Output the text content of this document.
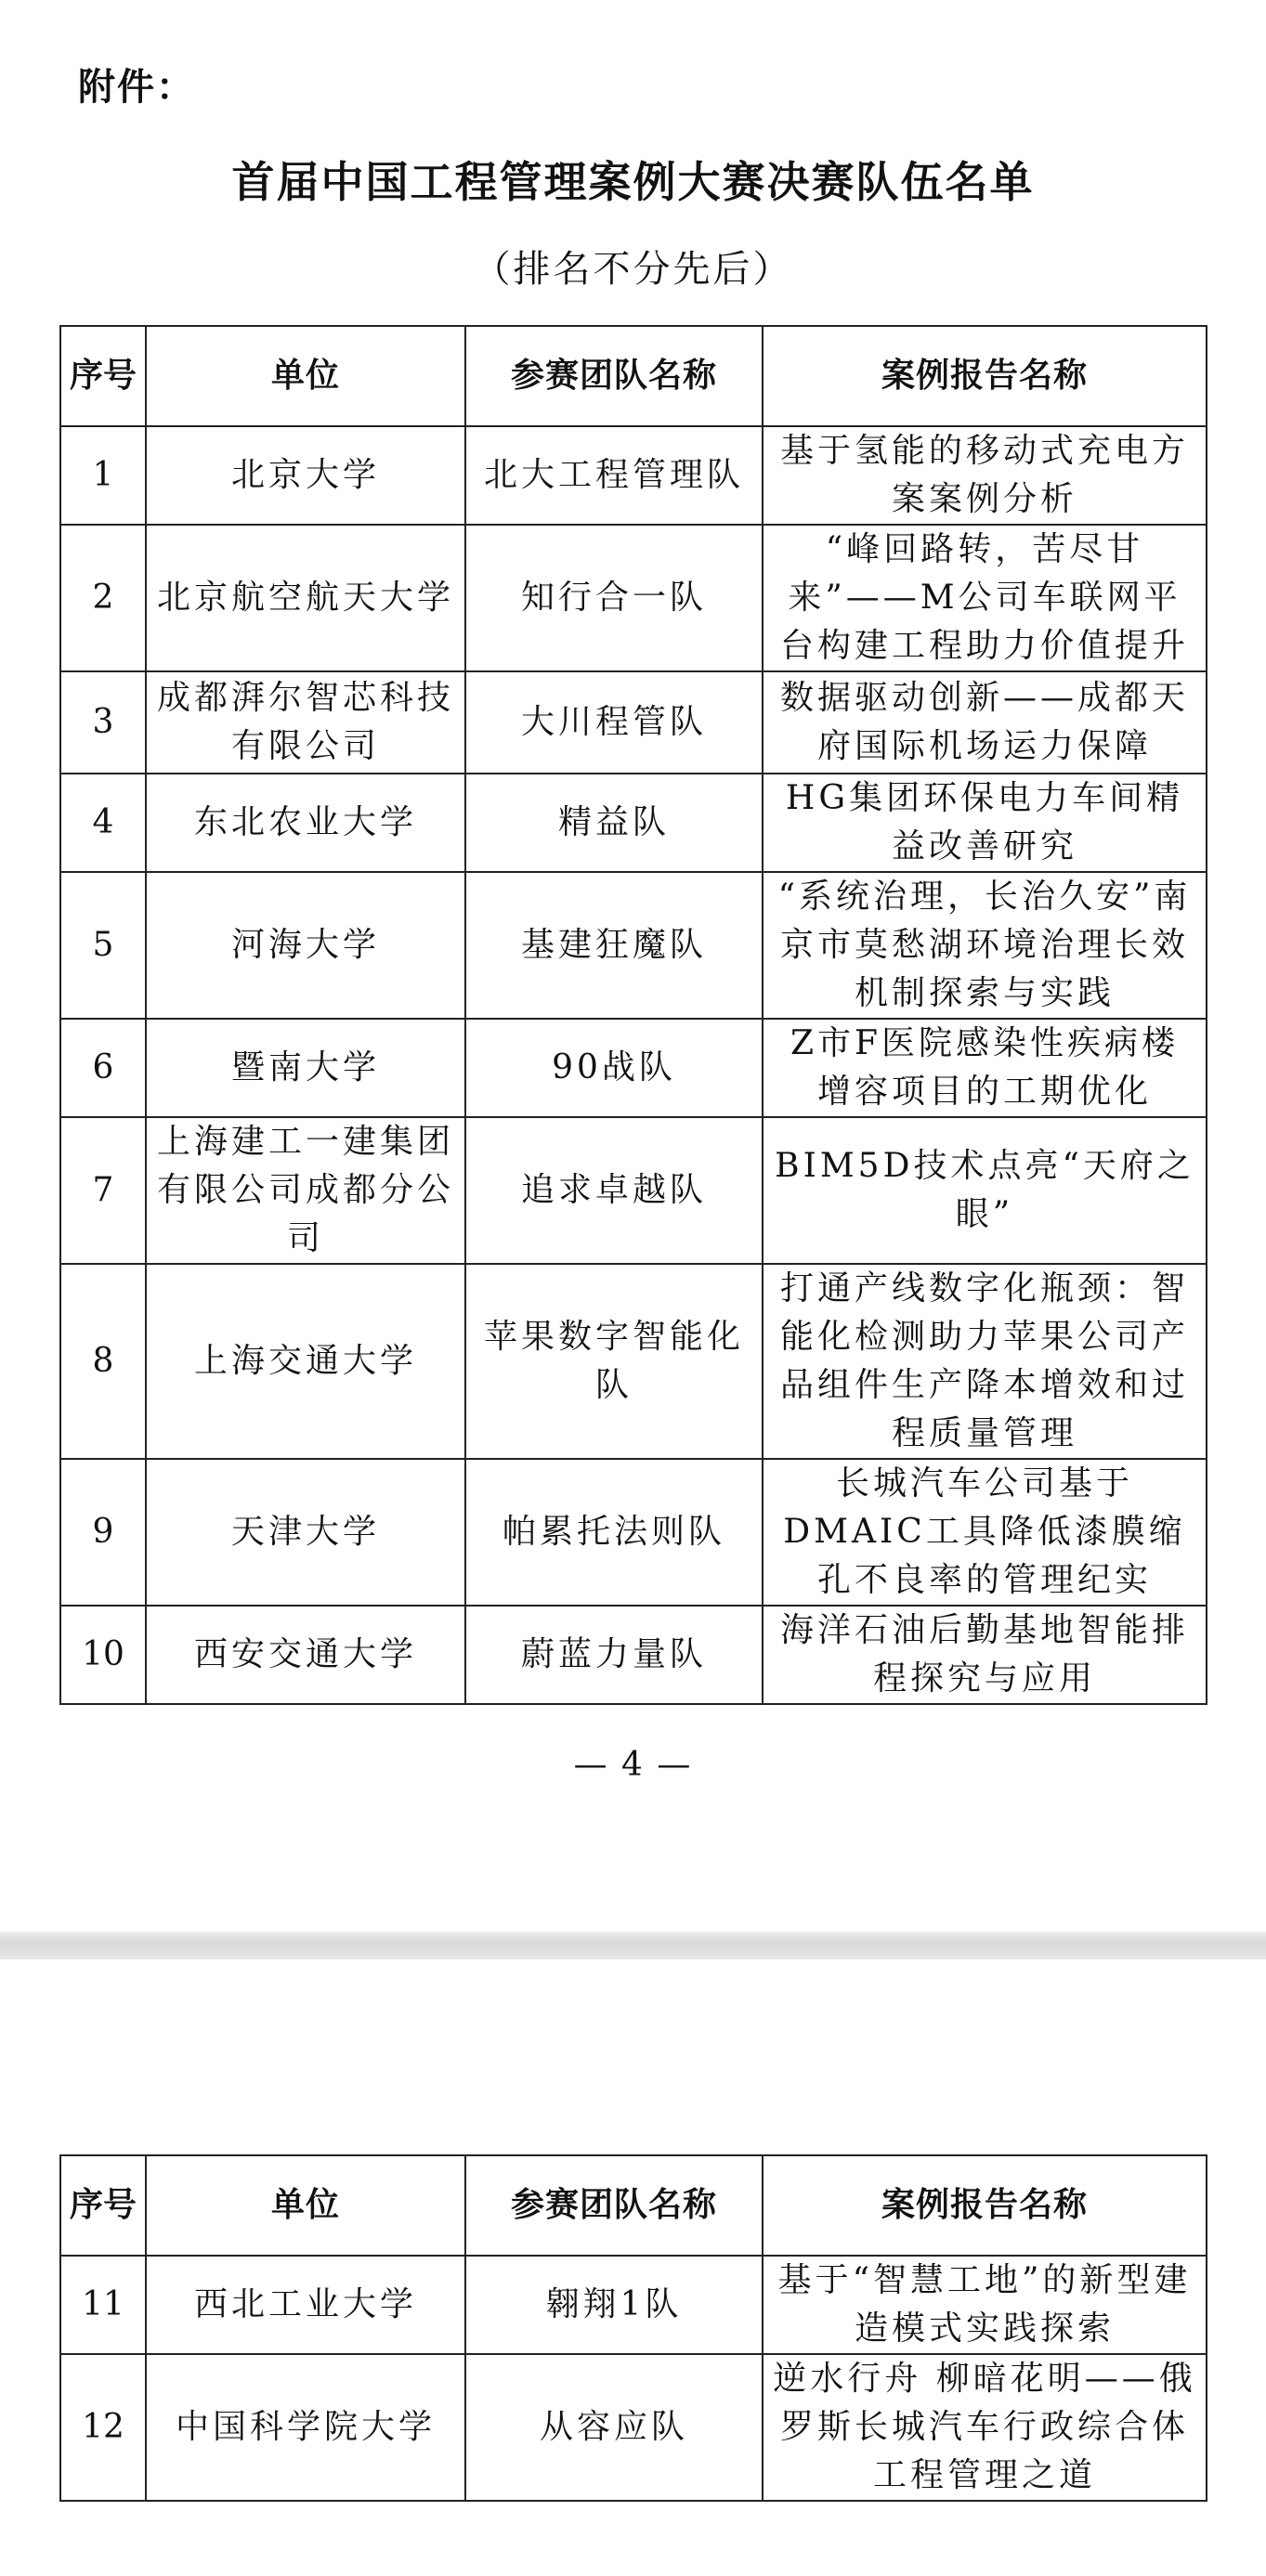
附件：
首届中国工程管理案例大赛决赛队伍名单
（排名不分先后）
序号	单位	参赛团队名称	案例报告名称
1	北京大学	北大工程管理队	基于氢能的移动式充电方案案例分析
2	北京航空航天大学	知行合一队	“峰回路转，苦尽甘来”——M公司车联网平台构建工程助力价值提升
3	成都湃尔智芯科技有限公司	大川程管队	数据驱动创新——成都天府国际机场运力保障
4	东北农业大学	精益队	HG集团环保电力车间精益改善研究
5	河海大学	基建狂魔队	“系统治理，长治久安”南京市莫愁湖环境治理长效机制探索与实践
6	暨南大学	90战队	Z市F医院感染性疾病楼增容项目的工期优化
7	上海建工一建集团有限公司成都分公司	追求卓越队	BIM5D技术点亮“天府之眼”
8	上海交通大学	苹果数字智能化队	打通产线数字化瓶颈：智能化检测助力苹果公司产品组件生产降本增效和过程质量管理
9	天津大学	帕累托法则队	长城汽车公司基于DMAIC工具降低漆膜缩孔不良率的管理纪实
10	西安交通大学	蔚蓝力量队	海洋石油后勤基地智能排程探究与应用
— 4 —
序号	单位	参赛团队名称	案例报告名称
11	西北工业大学	翱翔1队	基于“智慧工地”的新型建造模式实践探索
12	中国科学院大学	从容应队	逆水行舟 柳暗花明——俄罗斯长城汽车行政综合体工程管理之道
